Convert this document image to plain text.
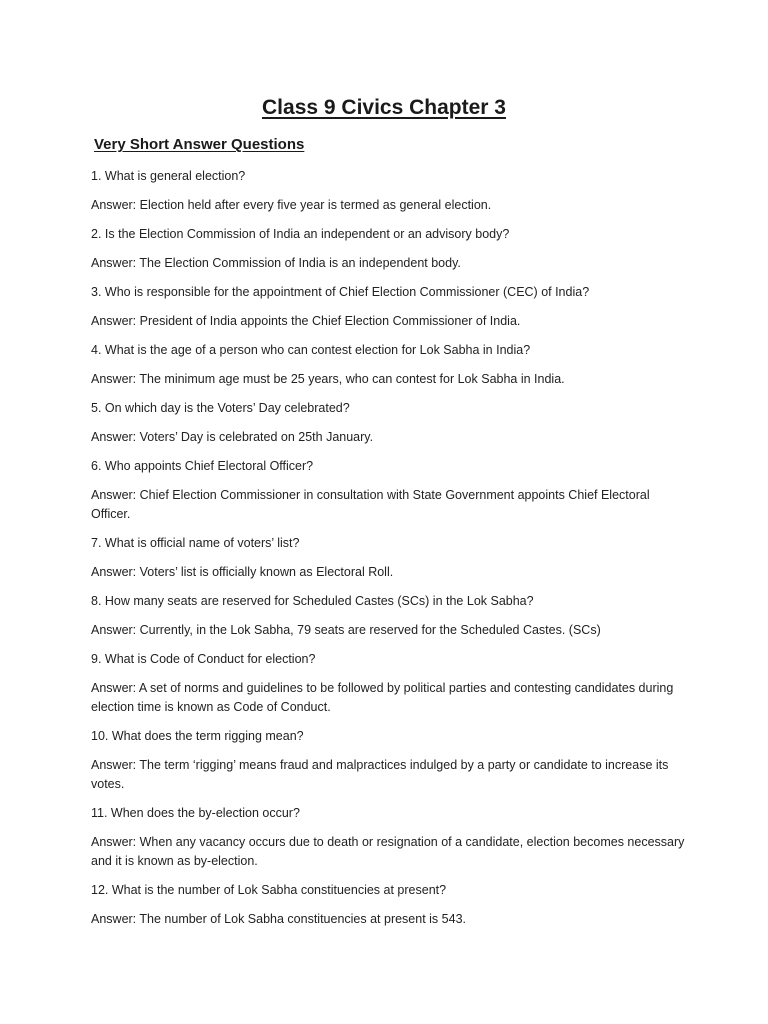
Class 9 Civics Chapter 3
Very Short Answer Questions

1. What is general election?

Answer: Election held after every five year is termed as general election.

2. Is the Election Commission of India an independent or an advisory body?

Answer: The Election Commission of India is an independent body.

3. Who is responsible for the appointment of Chief Election Commissioner (CEC) of India?

Answer: President of India appoints the Chief Election Commissioner of India.

4. What is the age of a person who can contest election for Lok Sabha in India?

Answer: The minimum age must be 25 years, who can contest for Lok Sabha in India.

5. On which day is the Voters’ Day celebrated?

Answer: Voters’ Day is celebrated on 25th January.

6. Who appoints Chief Electoral Officer?

Answer: Chief Election Commissioner in consultation with State Government appoints Chief Electoral Officer.

7. What is official name of voters’ list?

Answer: Voters’ list is officially known as Electoral Roll.

8. How many seats are reserved for Scheduled Castes (SCs) in the Lok Sabha?

Answer: Currently, in the Lok Sabha, 79 seats are reserved for the Scheduled Castes. (SCs)

9. What is Code of Conduct for election?

Answer: A set of norms and guidelines to be followed by political parties and contesting candidates during election time is known as Code of Conduct.

10. What does the term rigging mean?

Answer: The term ‘rigging’ means fraud and malpractices indulged by a party or candidate to increase its votes.

11. When does the by-election occur?

Answer: When any vacancy occurs due to death or resignation of a candidate, election becomes necessary and it is known as by-election.

12. What is the number of Lok Sabha constituencies at present?

Answer: The number of Lok Sabha constituencies at present is 543.
